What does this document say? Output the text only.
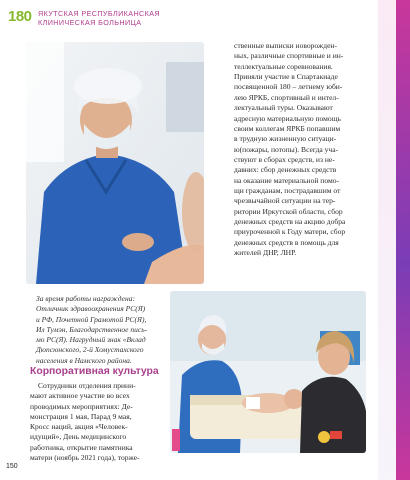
180 ЯКУТСКАЯ РЕСПУБЛИКАНСКАЯ
КЛИНИЧЕСКАЯ БОЛЬНИЦА

ственные выписки новорожден-

ных, различные спортивные и ин-

теллектуальные соревнования.

Приняли участие в Спартакиаде

посвященной 180 – летнему юби-

лею ЯРКБ, спортивный и интел-

лектуальный туры. Оказывают

адресную материальную помощь

своим коллегам ЯРКБ попавшим

в трудную жизненную ситуаци-

ю(пожары, потопы). Всегда уча-

ствуют в сборах средств, из не-

давних: сбор денежных средств

на оказание материальной помо-

щи гражданам, пострадавшим от

чрезвычайной ситуации на тер-

ритории Иркутской области, сбор

денежных средств на акцию добра

приуроченной к Году матери, сбор

денежных средств в помощь для

жителей ДНР, ЛНР.

За время работы награждена:

Отличник здравоохранения РС(Я)

и РФ, Почетной Грамотой РС(Я),

Ил Тумэн, Благодарственное пись-

мо РС(Я). Нагрудный знак «Вклад

Дюпсюнского, 2-й Хомустахского

населения в Намского района.

Корпоративная культура

Сотрудники отделения прини-

мают активное участие во всех

проводимых мероприятиях: Де-

монстрация 1 мая, Парад 9 мая,

Кросс наций, акция «Человек-

идущий», День медицинского

работника, открытие памятника

матери (ноябрь 2021 года), торже-

150
